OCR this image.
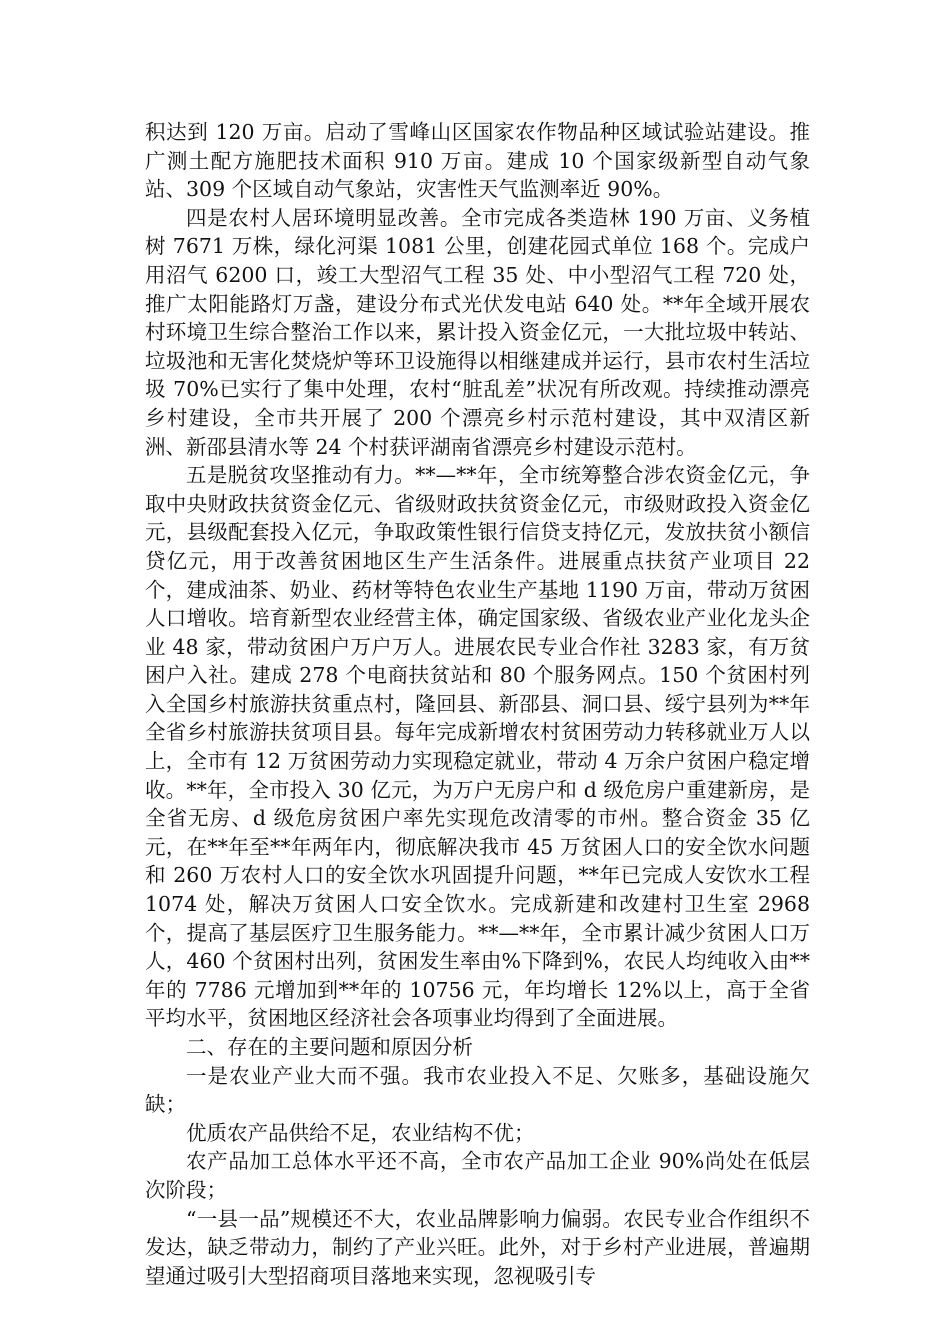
积达到 120 万亩。启动了雪峰山区国家农作物品种区域试验站建设。推广测土配方施肥技术面积 910 万亩。建成 10 个国家级新型自动气象站、309 个区域自动气象站，灾害性天气监测率近 90%。

四是农村人居环境明显改善。全市完成各类造林 190 万亩、义务植树 7671 万株，绿化河渠 1081 公里，创建花园式单位 168 个。完成户用沼气 6200 口，竣工大型沼气工程 35 处、中小型沼气工程 720 处，推广太阳能路灯万盏，建设分布式光伏发电站 640 处。**年全域开展农村环境卫生综合整治工作以来，累计投入资金亿元，一大批垃圾中转站、垃圾池和无害化焚烧炉等环卫设施得以相继建成并运行，县市农村生活垃圾 70%已实行了集中处理，农村“脏乱差”状况有所改观。持续推动漂亮乡村建设，全市共开展了 200 个漂亮乡村示范村建设，其中双清区新洲、新邵县清水等 24 个村获评湖南省漂亮乡村建设示范村。

五是脱贫攻坚推动有力。**—**年，全市统筹整合涉农资金亿元，争取中央财政扶贫资金亿元、省级财政扶贫资金亿元，市级财政投入资金亿元，县级配套投入亿元，争取政策性银行信贷支持亿元，发放扶贫小额信贷亿元，用于改善贫困地区生产生活条件。进展重点扶贫产业项目 22 个，建成油茶、奶业、药材等特色农业生产基地 1190 万亩，带动万贫困人口增收。培育新型农业经营主体，确定国家级、省级农业产业化龙头企业 48 家，带动贫困户万户万人。进展农民专业合作社 3283 家，有万贫困户入社。建成 278 个电商扶贫站和 80 个服务网点。150 个贫困村列入全国乡村旅游扶贫重点村，隆回县、新邵县、洞口县、绥宁县列为**年全省乡村旅游扶贫项目县。每年完成新增农村贫困劳动力转移就业万人以上，全市有 12 万贫困劳动力实现稳定就业，带动 4 万余户贫困户稳定增收。**年，全市投入 30 亿元，为万户无房户和 d 级危房户重建新房，是全省无房、d 级危房贫困户率先实现危改清零的市州。整合资金 35 亿元，在**年至**年两年内，彻底解决我市 45 万贫困人口的安全饮水问题和 260 万农村人口的安全饮水巩固提升问题，**年已完成人安饮水工程 1074 处，解决万贫困人口安全饮水。完成新建和改建村卫生室 2968 个，提高了基层医疗卫生服务能力。**—**年，全市累计减少贫困人口万人，460 个贫困村出列，贫困发生率由%下降到%，农民人均纯收入由**年的 7786 元增加到**年的 10756 元，年均增长 12%以上，高于全省平均水平，贫困地区经济社会各项事业均得到了全面进展。

二、存在的主要问题和原因分析

一是农业产业大而不强。我市农业投入不足、欠账多，基础设施欠缺；

优质农产品供给不足，农业结构不优；

农产品加工总体水平还不高，全市农产品加工企业 90%尚处在低层次阶段；

“一县一品”规模还不大，农业品牌影响力偏弱。农民专业合作组织不发达，缺乏带动力，制约了产业兴旺。此外，对于乡村产业进展，普遍期望通过吸引大型招商项目落地来实现，忽视吸引专
